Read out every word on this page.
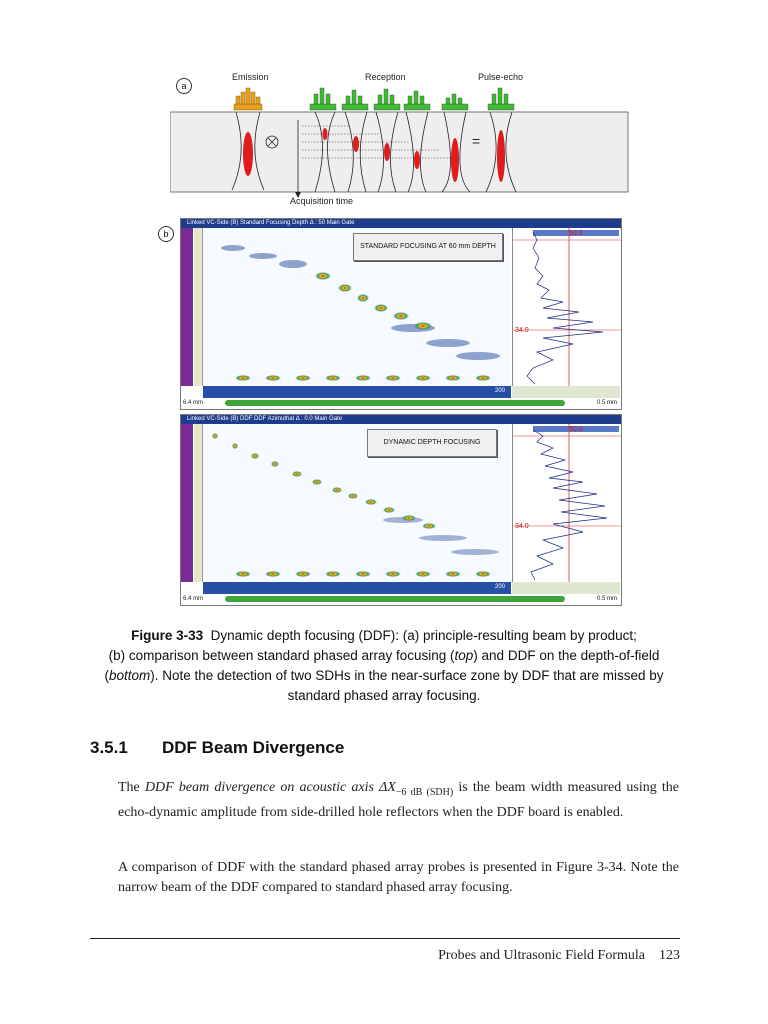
a
Emission	Reception	Pulse-echo
=
Acquisition time
b
Linked VC-Side (B) Standard Focusing Depth Δ : 50 Main Gate
STANDARD FOCUSING AT 60 mm DEPTH
50.0
34.0
6.4 mm
200
0.5 mm
Linked VC-Side (B) DDF DDF Azimuthal Δ : 0.0 Main Gate
DYNAMIC DEPTH FOCUSING
50.0
34.0
6.4 mm
200
0.5 mm
Figure 3-33 Dynamic depth focusing (DDF): (a) principle-resulting beam by product;
(b) comparison between standard phased array focusing (top) and DDF on the depth-of-field
(bottom). Note the detection of two SDHs in the near-surface zone by DDF that are missed by
standard phased array focusing.
3.5.1 DDF Beam Divergence
The DDF beam divergence on acoustic axis $\Delta X_{-6 dB (SDH)}$ is the beam width measured using the echo-dynamic amplitude from side-drilled hole reflectors when the DDF board is enabled.
A comparison of DDF with the standard phased array probes is presented in Figure 3-34. Note the narrow beam of the DDF compared to standard phased array focusing.
Probes and Ultrasonic Field Formula 123
